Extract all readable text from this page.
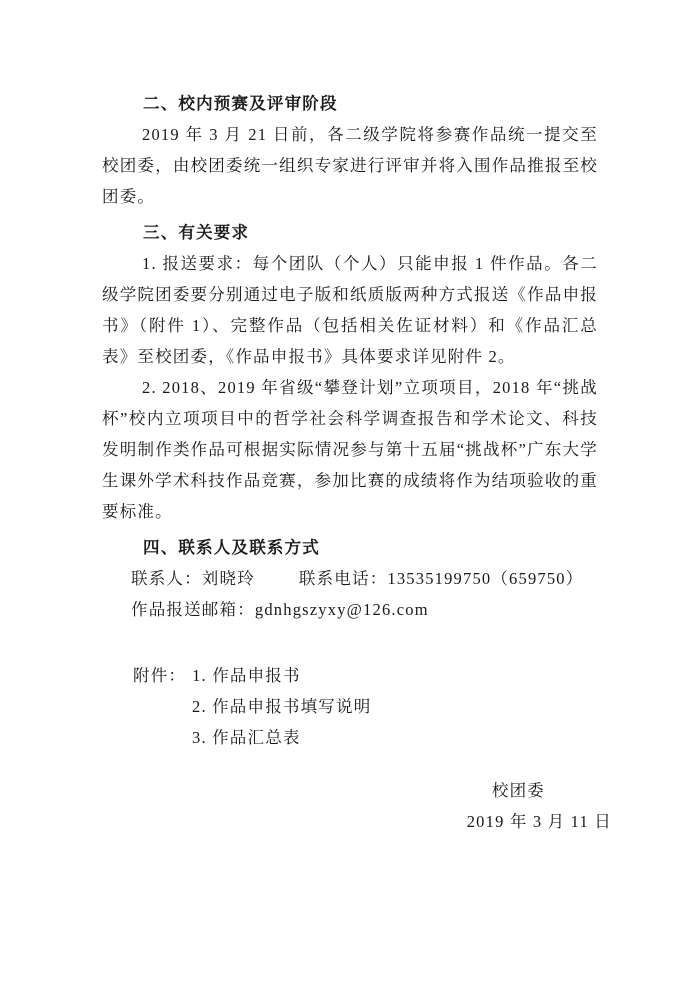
二、校内预赛及评审阶段

2019 年 3 月 21 日前，各二级学院将参赛作品统一提交至校团委，由校团委统一组织专家进行评审并将入围作品推报至校团委。

三、有关要求

1. 报送要求：每个团队（个人）只能申报 1 件作品。各二级学院团委要分别通过电子版和纸质版两种方式报送《作品申报书》（附件 1）、完整作品（包括相关佐证材料）和《作品汇总表》至校团委，《作品申报书》具体要求详见附件 2。

2. 2018、2019 年省级“攀登计划”立项项目，2018 年“挑战杯”校内立项项目中的哲学社会科学调查报告和学术论文、科技发明制作类作品可根据实际情况参与第十五届“挑战杯”广东大学生课外学术科技作品竞赛，参加比赛的成绩将作为结项验收的重要标准。

四、联系人及联系方式

联系人：刘晓玲	联系电话：13535199750（659750）

作品报送邮箱：gdnhgszyxy@126.com

附件： 1. 作品申报书
2. 作品申报书填写说明
3. 作品汇总表
校团委
2019 年 3 月 11 日
